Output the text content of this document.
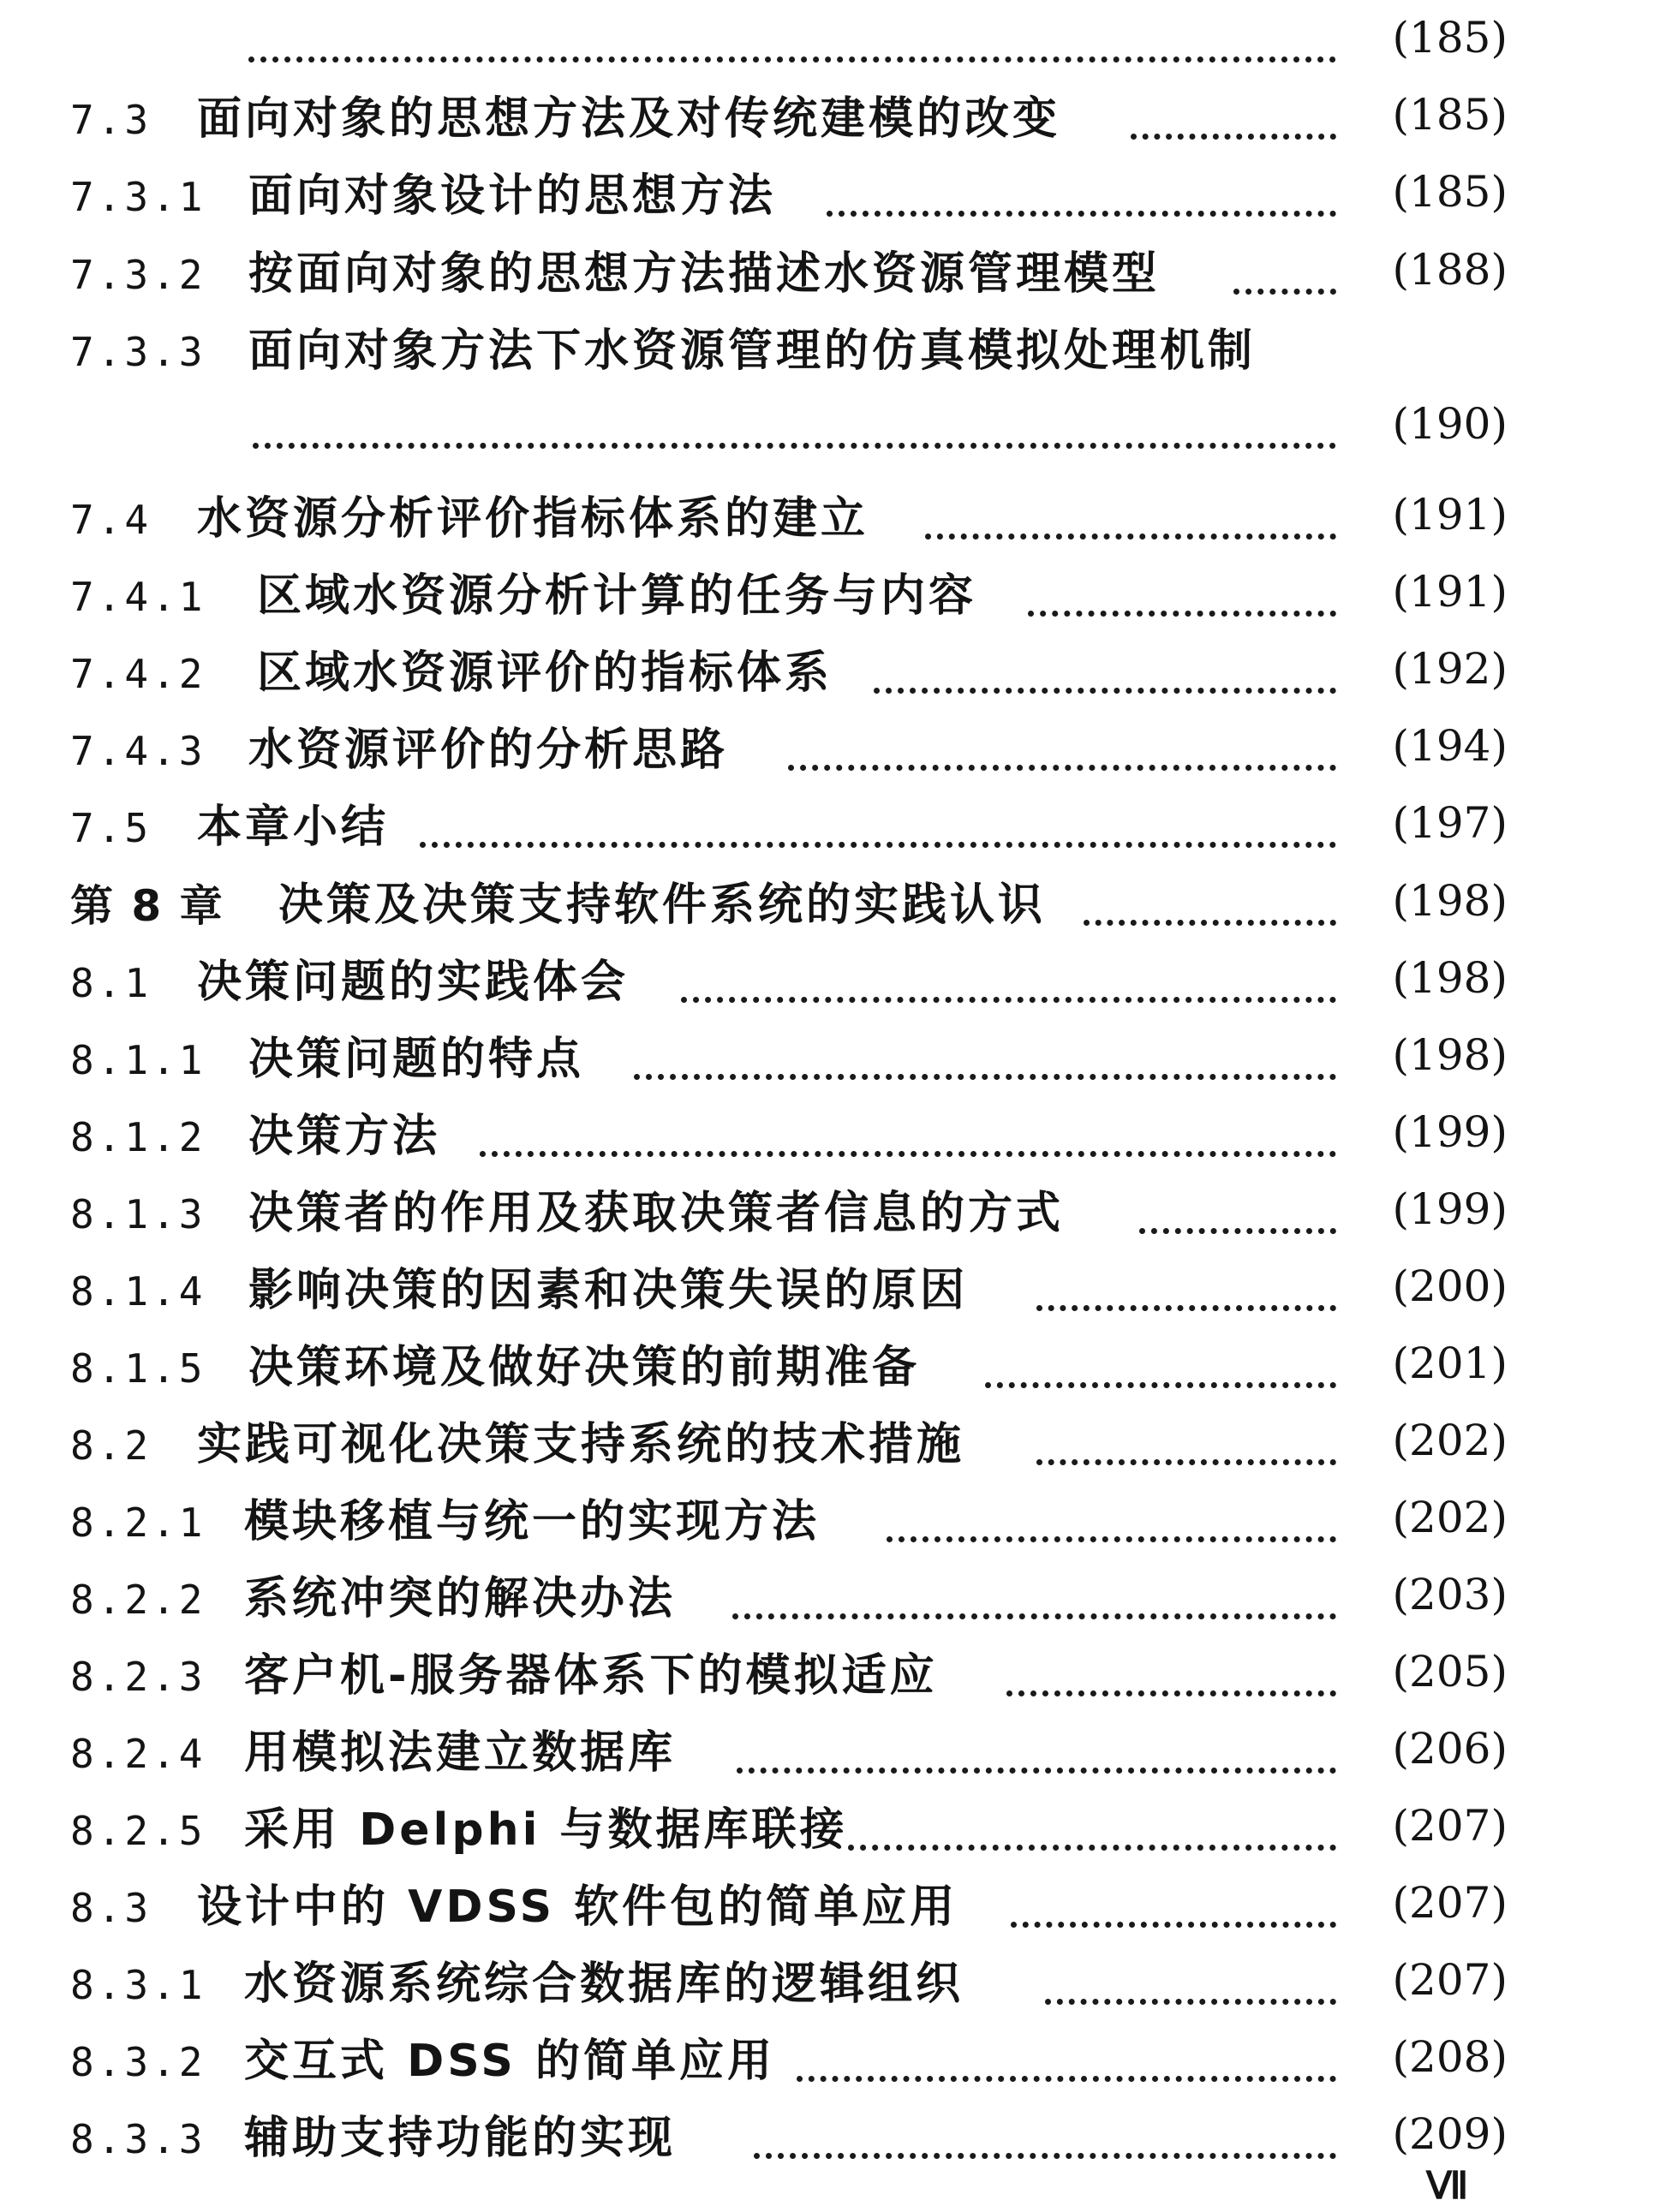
(185)
7.3 面向对象的思想方法及对传统建模的改变	(185)
7.3.1 面向对象设计的思想方法	(185)
7.3.2 按面向对象的思想方法描述水资源管理模型	(188)
7.3.3 面向对象方法下水资源管理的仿真模拟处理机制
(190)
7.4 水资源分析评价指标体系的建立	(191)
7.4.1 区域水资源分析计算的任务与内容	(191)
7.4.2 区域水资源评价的指标体系	(192)
7.4.3 水资源评价的分析思路	(194)
7.5 本章小结	(197)
第 8 章 决策及决策支持软件系统的实践认识	(198)
8.1 决策问题的实践体会	(198)
8.1.1 决策问题的特点	(198)
8.1.2 决策方法	(199)
8.1.3 决策者的作用及获取决策者信息的方式	(199)
8.1.4 影响决策的因素和决策失误的原因	(200)
8.1.5 决策环境及做好决策的前期准备	(201)
8.2 实践可视化决策支持系统的技术措施	(202)
8.2.1 模块移植与统一的实现方法	(202)
8.2.2 系统冲突的解决办法	(203)
8.2.3 客户机-服务器体系下的模拟适应	(205)
8.2.4 用模拟法建立数据库	(206)
8.2.5 采用 Delphi 与数据库联接	(207)
8.3 设计中的 VDSS 软件包的简单应用	(207)
8.3.1 水资源系统综合数据库的逻辑组织	(207)
8.3.2 交互式 DSS 的简单应用	(208)
8.3.3 辅助支持功能的实现	(209)
Ⅶ
